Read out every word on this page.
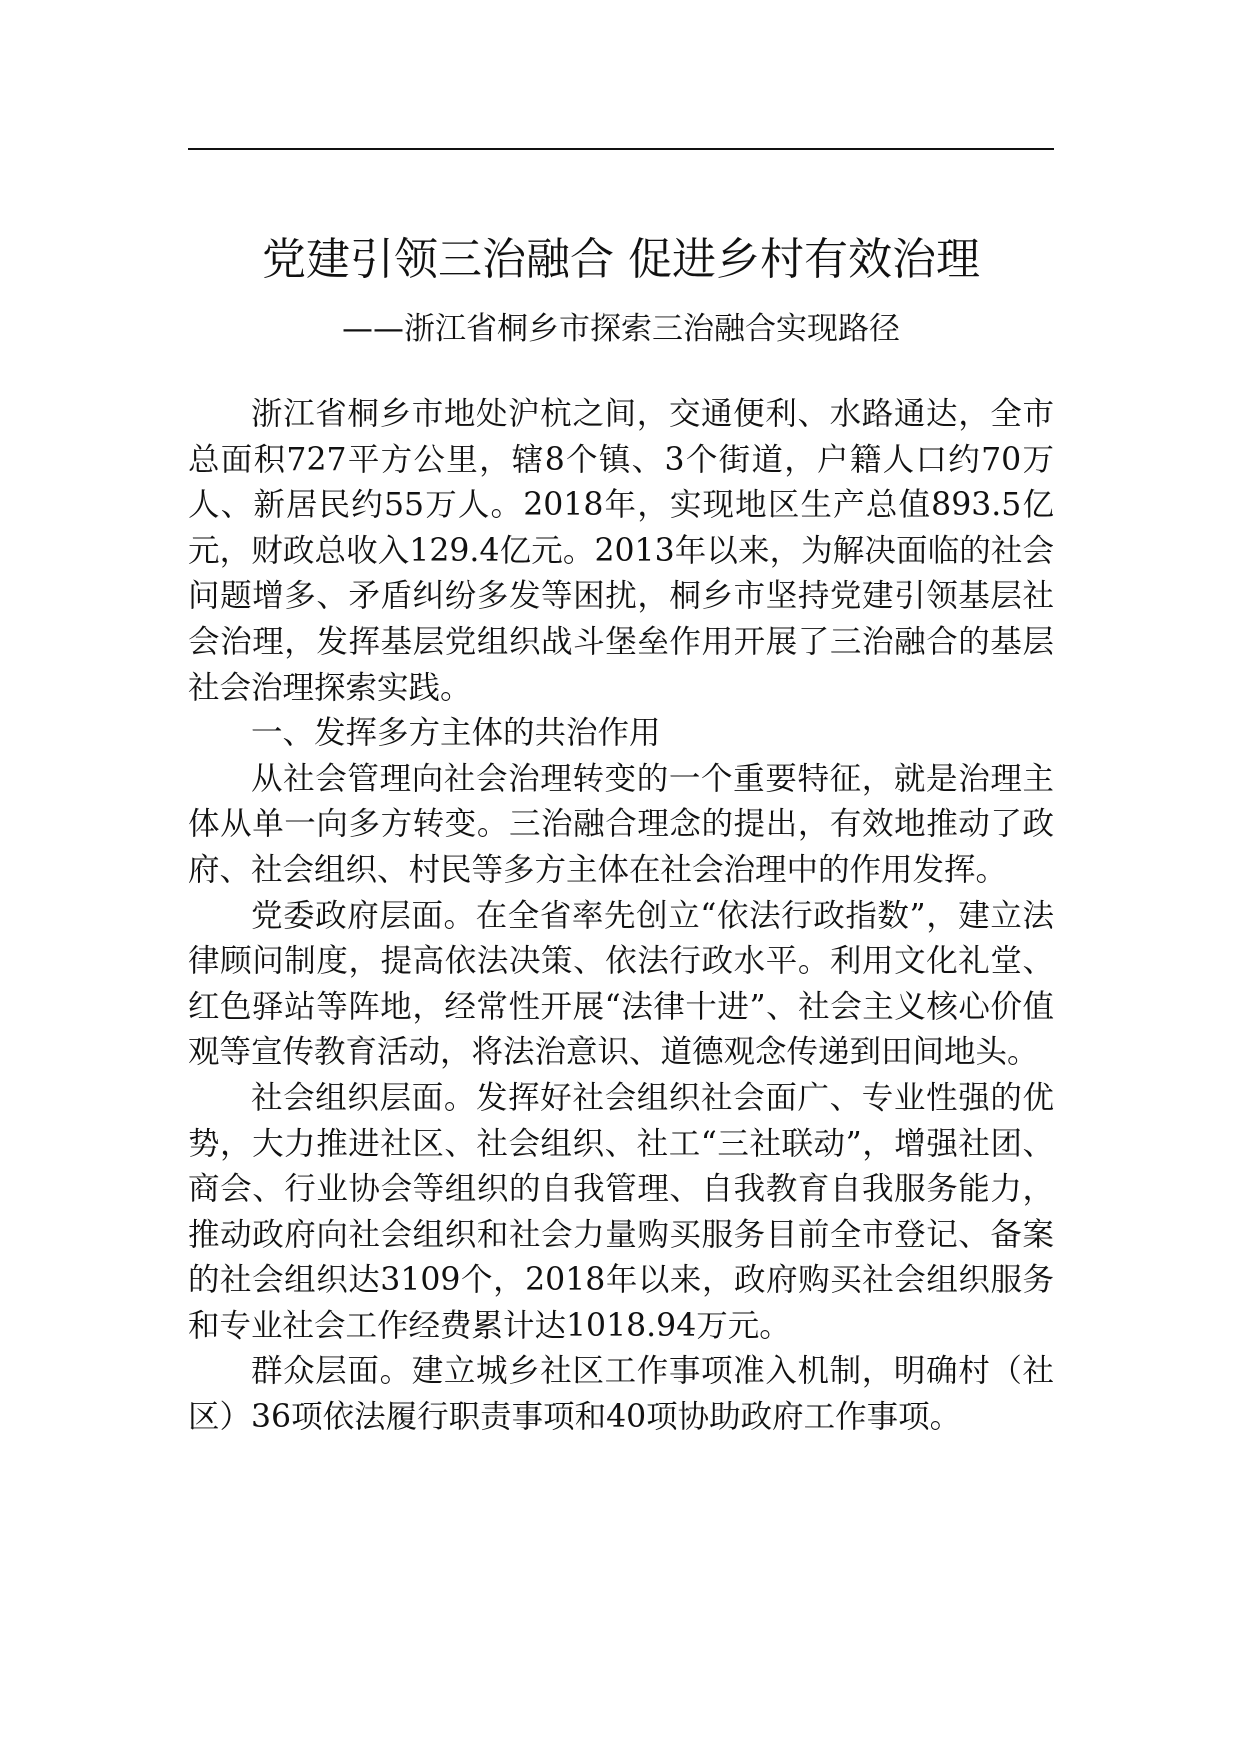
党建引领三治融合 促进乡村有效治理
——浙江省桐乡市探索三治融合实现路径

浙江省桐乡市地处沪杭之间，交通便利、水路通达，全市总面积727平方公里，辖8个镇、3个街道，户籍人口约70万人、新居民约55万人。2018年，实现地区生产总值893.5亿元，财政总收入129.4亿元。2013年以来，为解决面临的社会问题增多、矛盾纠纷多发等困扰，桐乡市坚持党建引领基层社会治理，发挥基层党组织战斗堡垒作用开展了三治融合的基层社会治理探索实践。

一、发挥多方主体的共治作用

从社会管理向社会治理转变的一个重要特征，就是治理主体从单一向多方转变。三治融合理念的提出，有效地推动了政府、社会组织、村民等多方主体在社会治理中的作用发挥。

党委政府层面。在全省率先创立“依法行政指数”，建立法律顾问制度，提高依法决策、依法行政水平。利用文化礼堂、红色驿站等阵地，经常性开展“法律十进”、社会主义核心价值观等宣传教育活动，将法治意识、道德观念传递到田间地头。

社会组织层面。发挥好社会组织社会面广、专业性强的优势，大力推进社区、社会组织、社工“三社联动”，增强社团、商会、行业协会等组织的自我管理、自我教育自我服务能力，推动政府向社会组织和社会力量购买服务目前全市登记、备案的社会组织达3109个，2018年以来，政府购买社会组织服务和专业社会工作经费累计达1018.94万元。

群众层面。建立城乡社区工作事项准入机制，明确村（社区）36项依法履行职责事项和40项协助政府工作事项。
